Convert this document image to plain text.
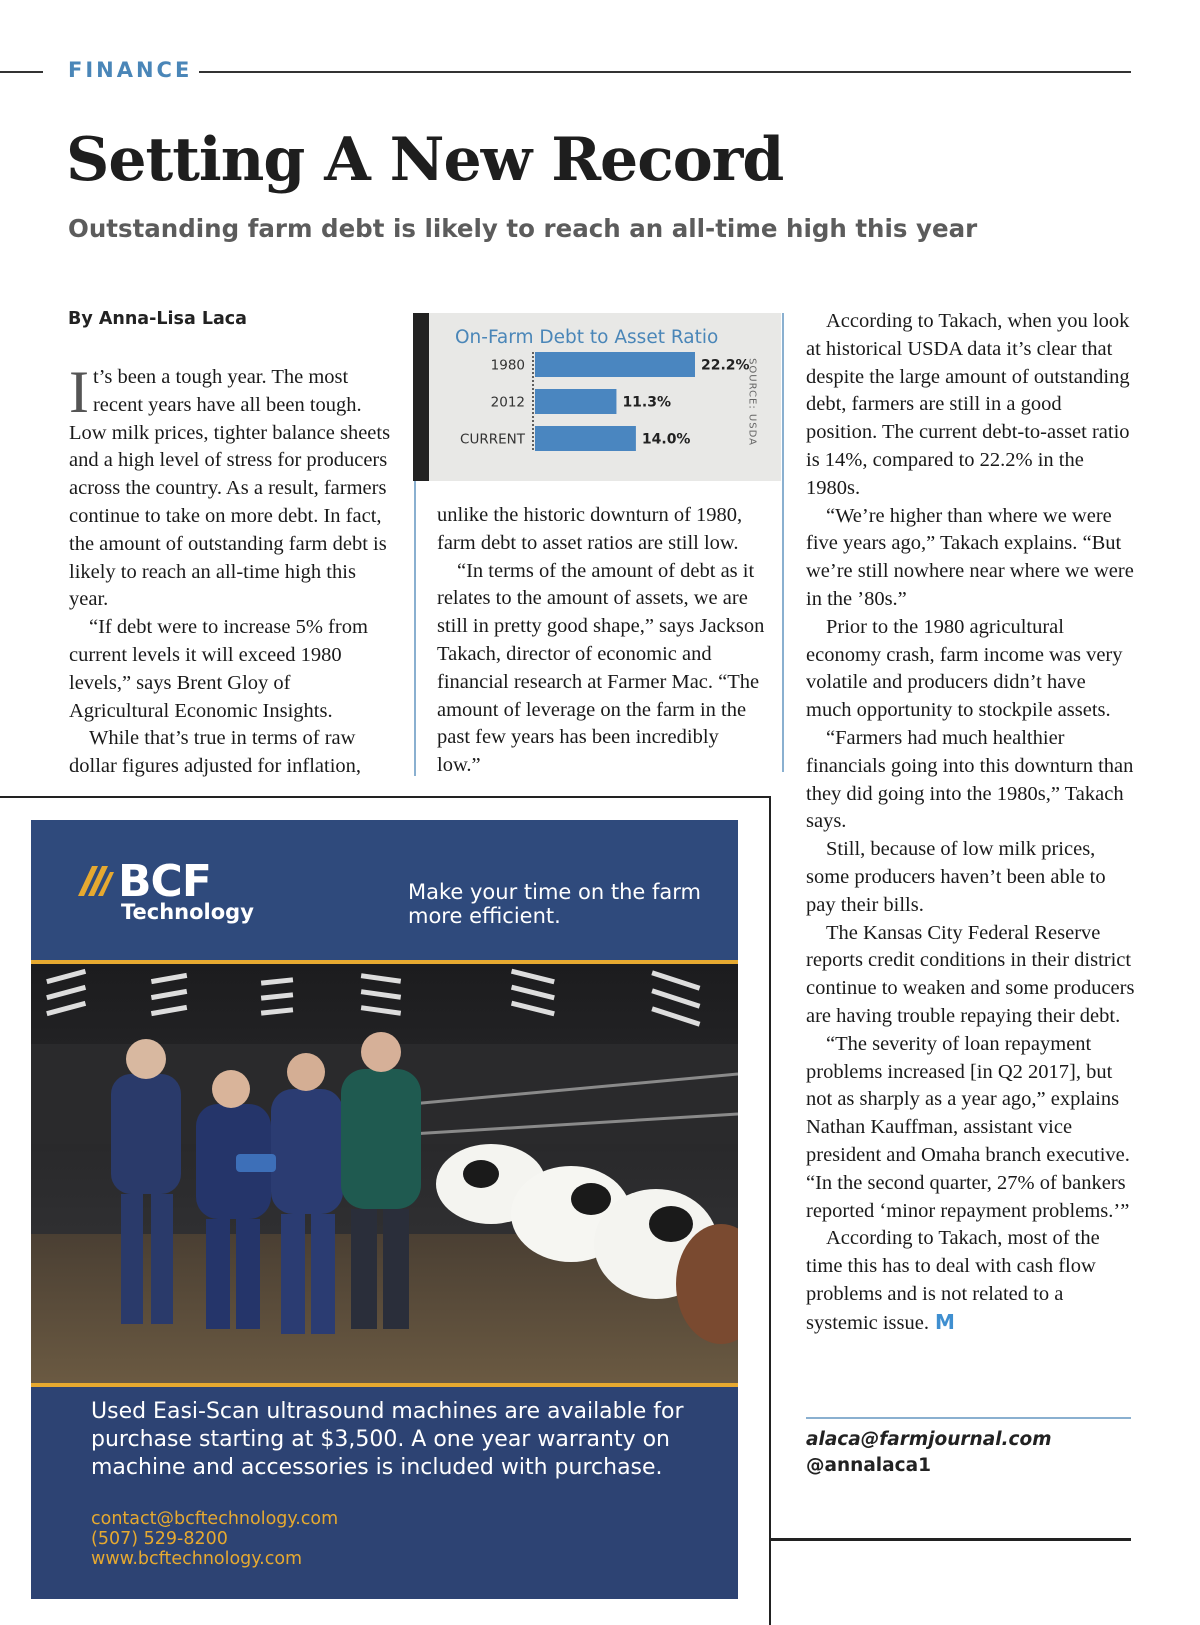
FINANCE
Setting A New Record
Outstanding farm debt is likely to reach an all-time high this year
By Anna-Lisa Laca

It’s been a tough year. The most recent years have all been tough. Low milk prices, tighter balance sheets and a high level of stress for producers across the country. As a result, farmers continue to take on more debt. In fact, the amount of outstanding farm debt is likely to reach an all-time high this year.

“If debt were to increase 5% from current levels it will exceed 1980 levels,” says Brent Gloy of Agricultural Economic Insights.

While that’s true in terms of raw dollar figures adjusted for inflation,

On-Farm Debt to Asset Ratio
1980	22.2%
2012	11.3%
CURRENT	14.0%	SOURCE: USDA

unlike the historic downturn of 1980, farm debt to asset ratios are still low.

“In terms of the amount of debt as it relates to the amount of assets, we are still in pretty good shape,” says Jackson Takach, director of economic and financial research at Farmer Mac. “The amount of leverage on the farm in the past few years has been incredibly low.”

According to Takach, when you look at historical USDA data it’s clear that despite the large amount of outstanding debt, farmers are still in a good position. The current debt-to-asset ratio is 14%, compared to 22.2% in the 1980s.

“We’re higher than where we were five years ago,” Takach explains. “But we’re still nowhere near where we were in the ’80s.”

Prior to the 1980 agricultural economy crash, farm income was very volatile and producers didn’t have much opportunity to stockpile assets.

“Farmers had much healthier financials going into this downturn than they did going into the 1980s,” Takach says.

Still, because of low milk prices, some producers haven’t been able to pay their bills.

The Kansas City Federal Reserve reports credit conditions in their district continue to weaken and some producers are having trouble repaying their debt.

“The severity of loan repayment problems increased [in Q2 2017], but not as sharply as a year ago,” explains Nathan Kauffman, assistant vice president and Omaha branch executive. “In the second quarter, 27% of bankers reported ‘minor repayment problems.’”

According to Takach, most of the time this has to deal with cash flow problems and is not related to a systemic issue. M

alaca@farmjournal.com
@annalaca1
BCF
Technology
Make your time on the farm more efficient.
Used Easi-Scan ultrasound machines are available for purchase starting at $3,500. A one year warranty on machine and accessories is included with purchase.
contact@bcftechnology.com
(507) 529-8200
www.bcftechnology.com
